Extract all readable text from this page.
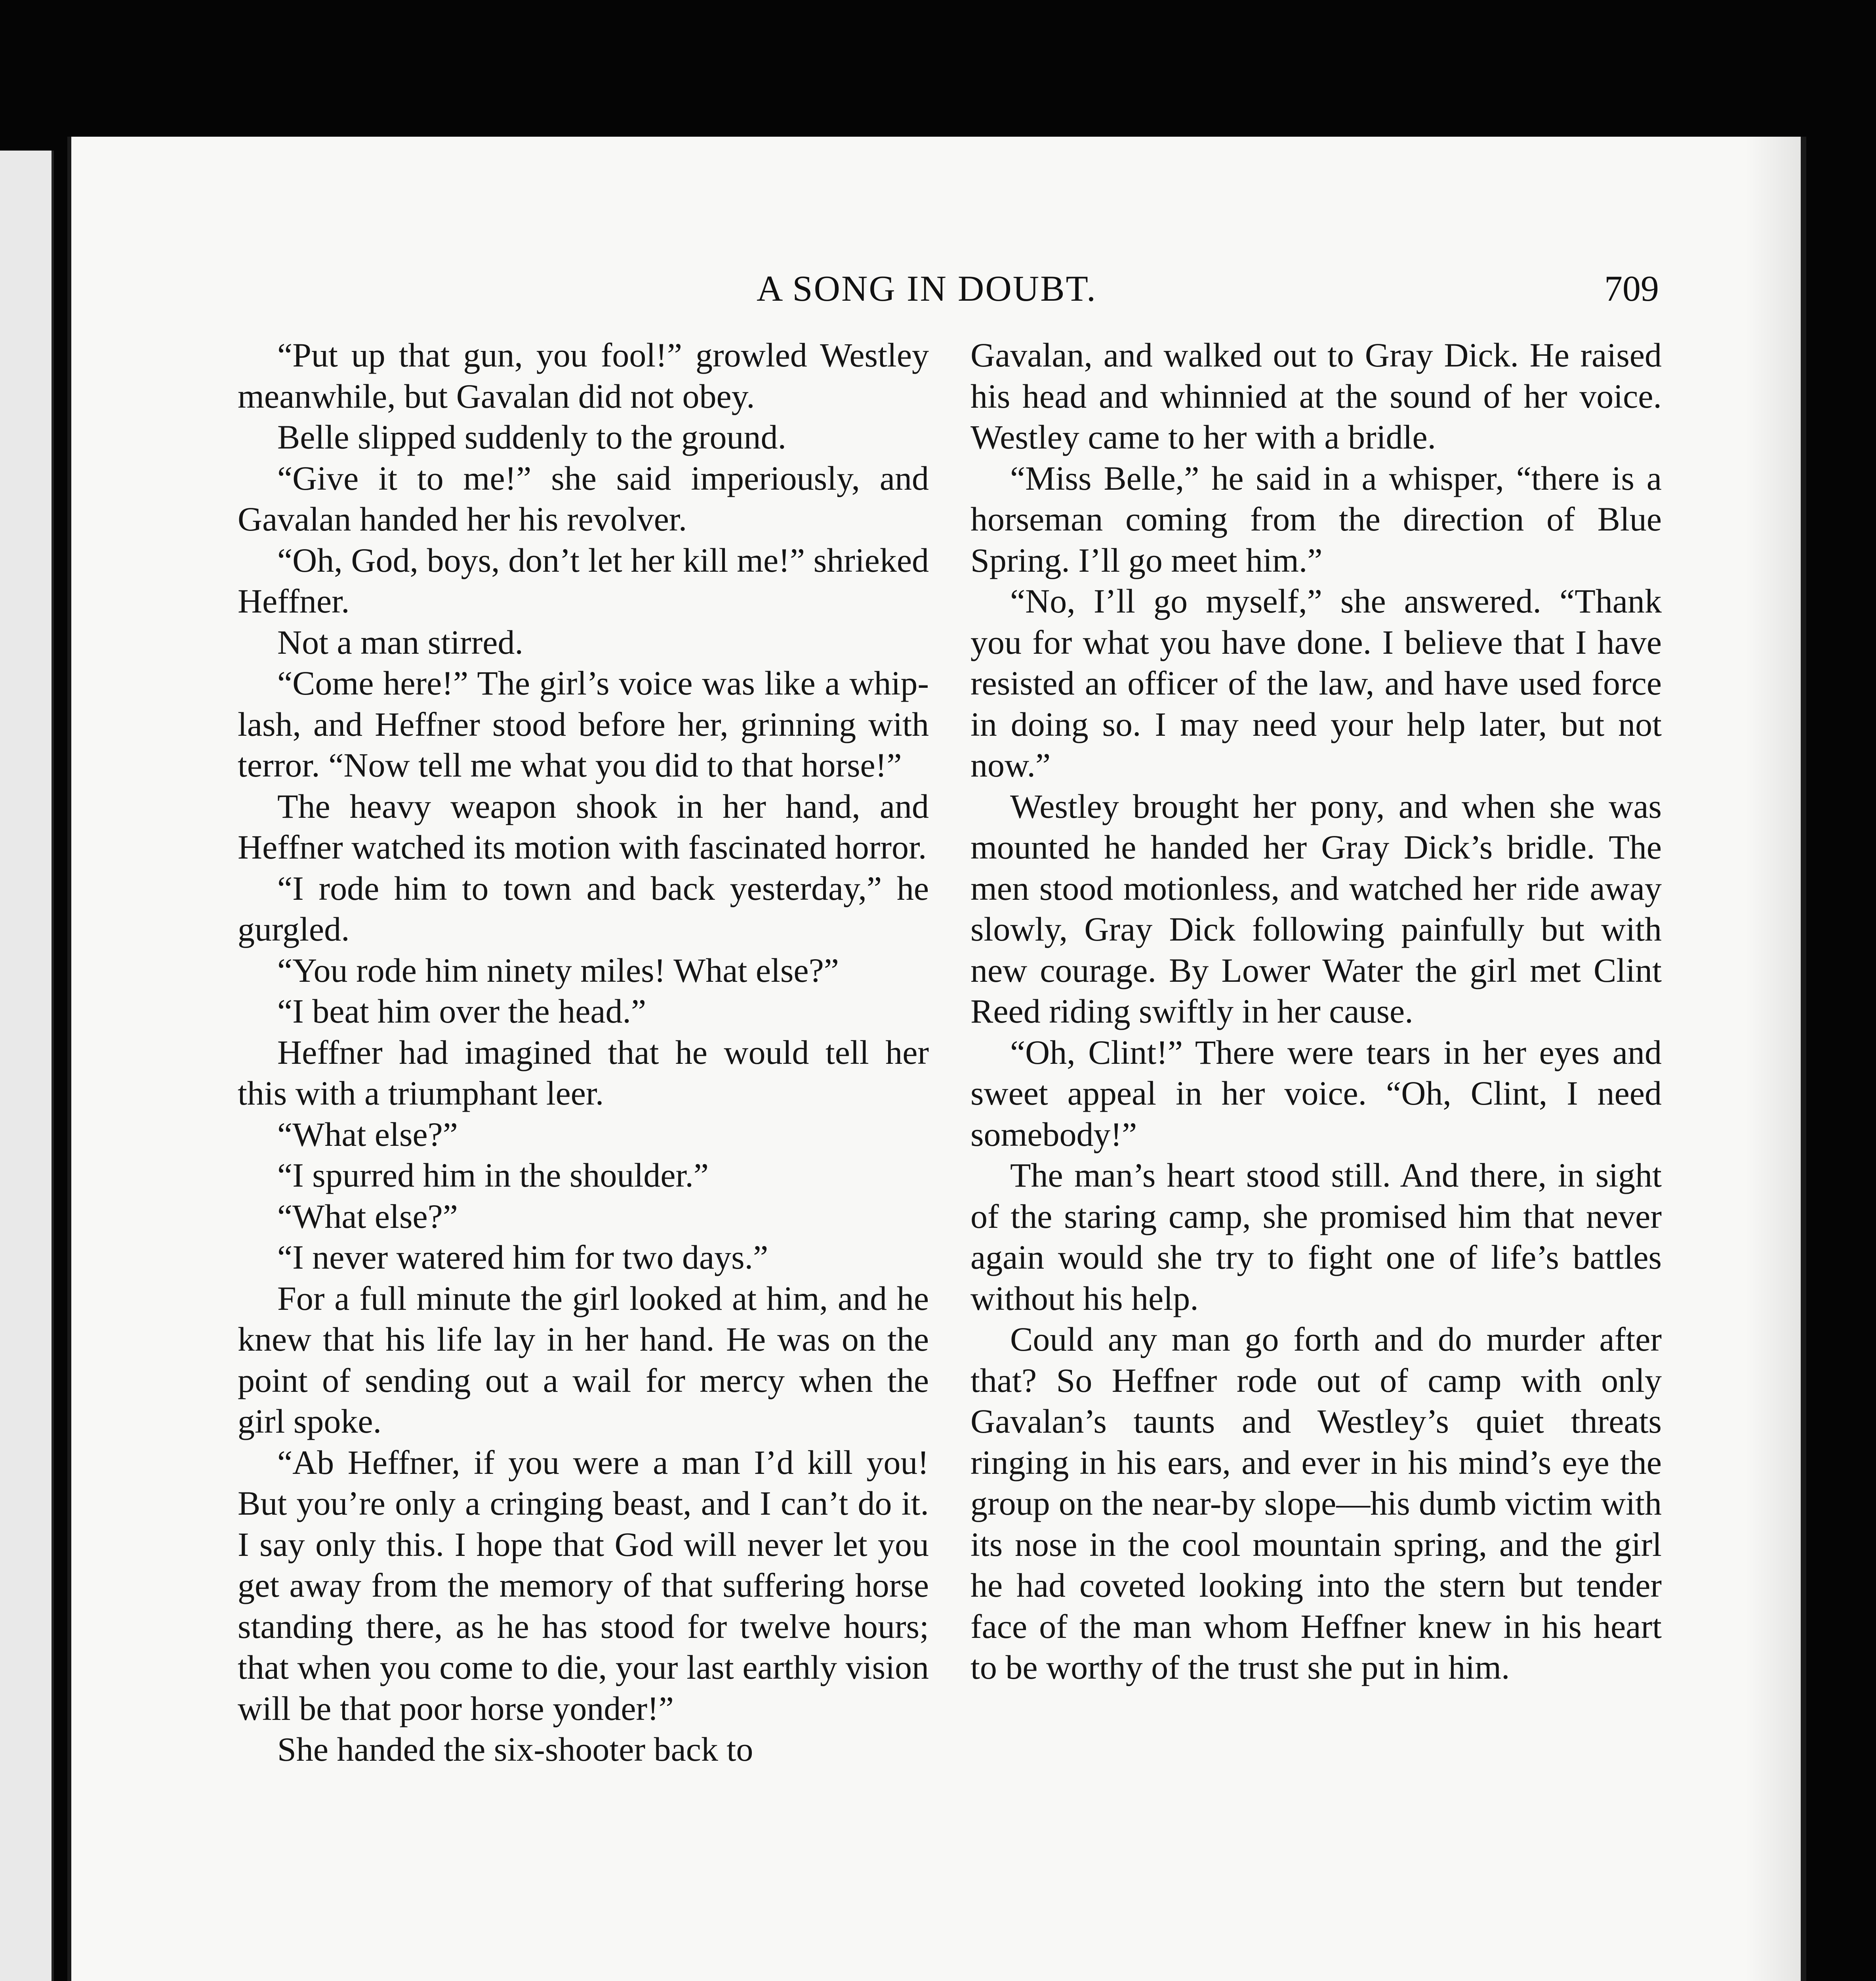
A SONG IN DOUBT.	709

“Put up that gun, you fool!” growled Westley meanwhile, but Gavalan did not obey.

Belle slipped suddenly to the ground.

“Give it to me!” she said imperiously, and Gavalan handed her his revolver.

“Oh, God, boys, don’t let her kill me!” shrieked Heffner.

Not a man stirred.

“Come here!” The girl’s voice was like a whip-lash, and Heffner stood before her, grinning with terror. “Now tell me what you did to that horse!”

The heavy weapon shook in her hand, and Heffner watched its motion with fascinated horror.

“I rode him to town and back yesterday,” he gurgled.

“You rode him ninety miles! What else?”

“I beat him over the head.”

Heffner had imagined that he would tell her this with a triumphant leer.

“What else?”

“I spurred him in the shoulder.”

“What else?”

“I never watered him for two days.”

For a full minute the girl looked at him, and he knew that his life lay in her hand. He was on the point of sending out a wail for mercy when the girl spoke.

“Ab Heffner, if you were a man I’d kill you! But you’re only a cringing beast, and I can’t do it. I say only this. I hope that God will never let you get away from the memory of that suffering horse standing there, as he has stood for twelve hours; that when you come to die, your last earthly vision will be that poor horse yonder!”

She handed the six-shooter back to

Gavalan, and walked out to Gray Dick. He raised his head and whinnied at the sound of her voice. Westley came to her with a bridle.

“Miss Belle,” he said in a whisper, “there is a horseman coming from the direction of Blue Spring. I’ll go meet him.”

“No, I’ll go myself,” she answered. “Thank you for what you have done. I believe that I have resisted an officer of the law, and have used force in doing so. I may need your help later, but not now.”

Westley brought her pony, and when she was mounted he handed her Gray Dick’s bridle. The men stood motionless, and watched her ride away slowly, Gray Dick following painfully but with new courage. By Lower Water the girl met Clint Reed riding swiftly in her cause.

“Oh, Clint!” There were tears in her eyes and sweet appeal in her voice. “Oh, Clint, I need somebody!”

The man’s heart stood still. And there, in sight of the staring camp, she promised him that never again would she try to fight one of life’s battles without his help.

Could any man go forth and do murder after that? So Heffner rode out of camp with only Gavalan’s taunts and Westley’s quiet threats ringing in his ears, and ever in his mind’s eye the group on the near-by slope—his dumb victim with its nose in the cool mountain spring, and the girl he had coveted looking into the stern but tender face of the man whom Heffner knew in his heart to be worthy of the trust she put in him.
